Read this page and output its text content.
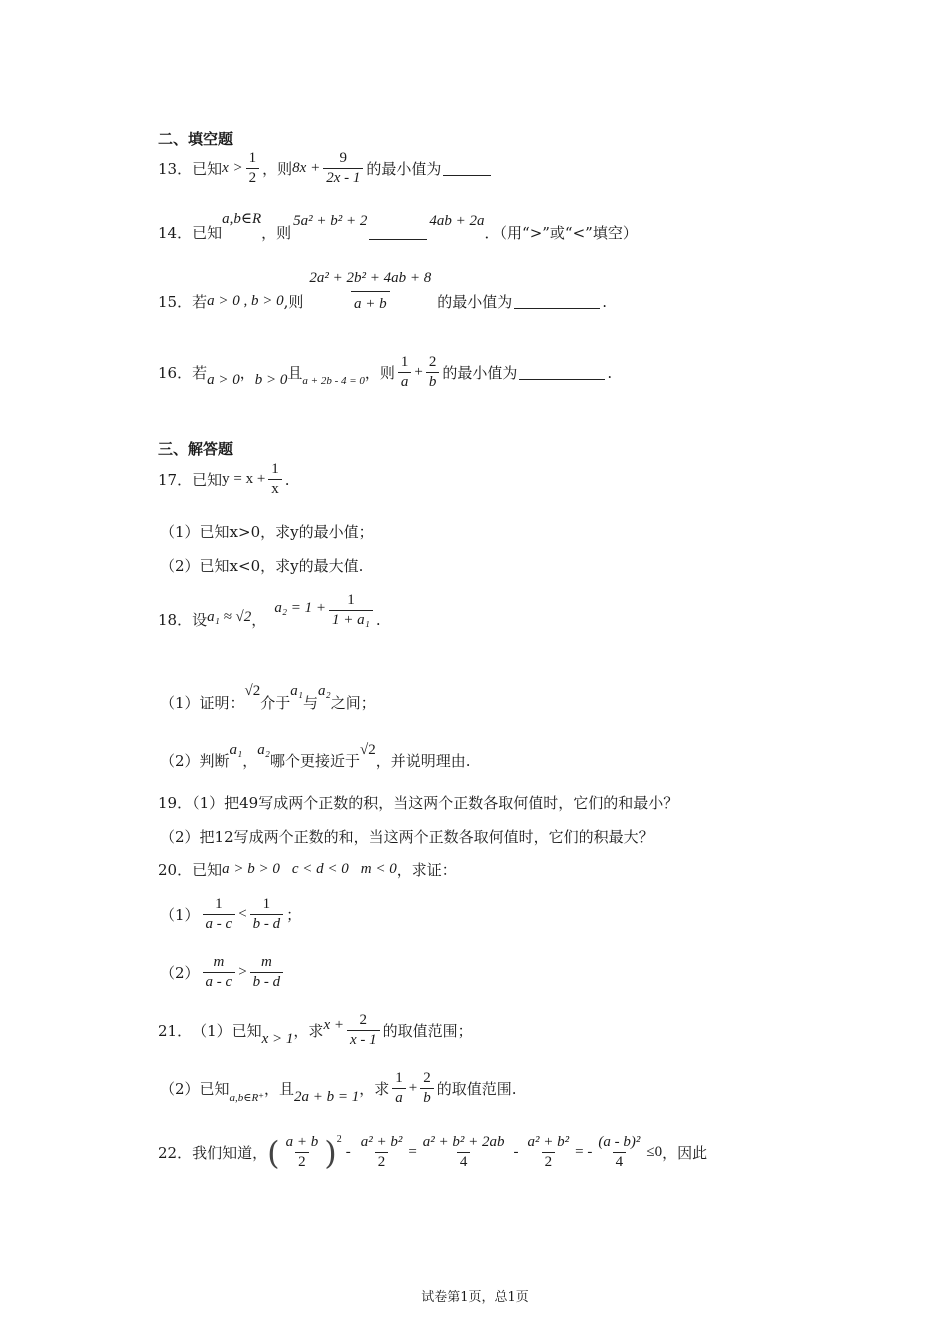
二、填空题
13． 已知 $x > \frac{1}{2}$ ，则 $8x + \frac{9}{2x - 1}$ 的最小值为
14． 已知
a,b∈R
，则
5a² + b² + 2	4ab + 2a
．（用“>”或“<”填空）
15． 若 a > 0 , b > 0 ,则 $\frac{\text{2a² + 2b² + 4ab + 8}}{a + b}$ 的最小值为	.
16． 若 a > 0 ， b > 0 且 a + 2b - 4 = 0 ，则 $\frac{1}{a} + \frac{2}{b}$ 的最小值为	.
三、解答题
17． 已知 $y = x + \frac{1}{x}$ .
（1）已知x>0，求y的最小值；
（2）已知x<0，求y的最大值.
18． 设 a₁ ≈ √2 ，
$a_2 = 1 + \frac{1}{\text{1 + a₁}}$ .
（1）证明：
√2
介于
a₁
与
a₂
之间；
（2）判断
a₁
，
a₂
哪个更接近于
√2
，并说明理由.
19．（1）把49写成两个正数的积，当这两个正数各取何值时，它们的和最小？
（2）把12写成两个正数的和，当这两个正数各取何值时，它们的积最大？
20． 已知 a > b > 0 c < d < 0 m < 0 ，求证：
$(1) \frac{1}{a - c} < \frac{1}{b - d}$ ；
$(2) \frac{m}{a - c} > \frac{m}{b - d}$
21． （1）已知 x > 1 ，求 $x + \frac{2}{x - 1}$ 的取值范围；
（2）已知 a,b∈R⁺ ，且 2a + b = 1 ，求 $\frac{1}{a} + \frac{2}{b}$ 的取值范围.
22． 我们知道， ( $\frac{a + b}{2}$ ) 2
- $\frac{\text{a² + b²}}{2} = \frac{\text{a² + b² + 2ab}}{4} - \frac{\text{a² + b²}}{2}$ = - $\frac{\text{(a - b)²}}{4} \le 0$ ，因此
试卷第1页，总1页
